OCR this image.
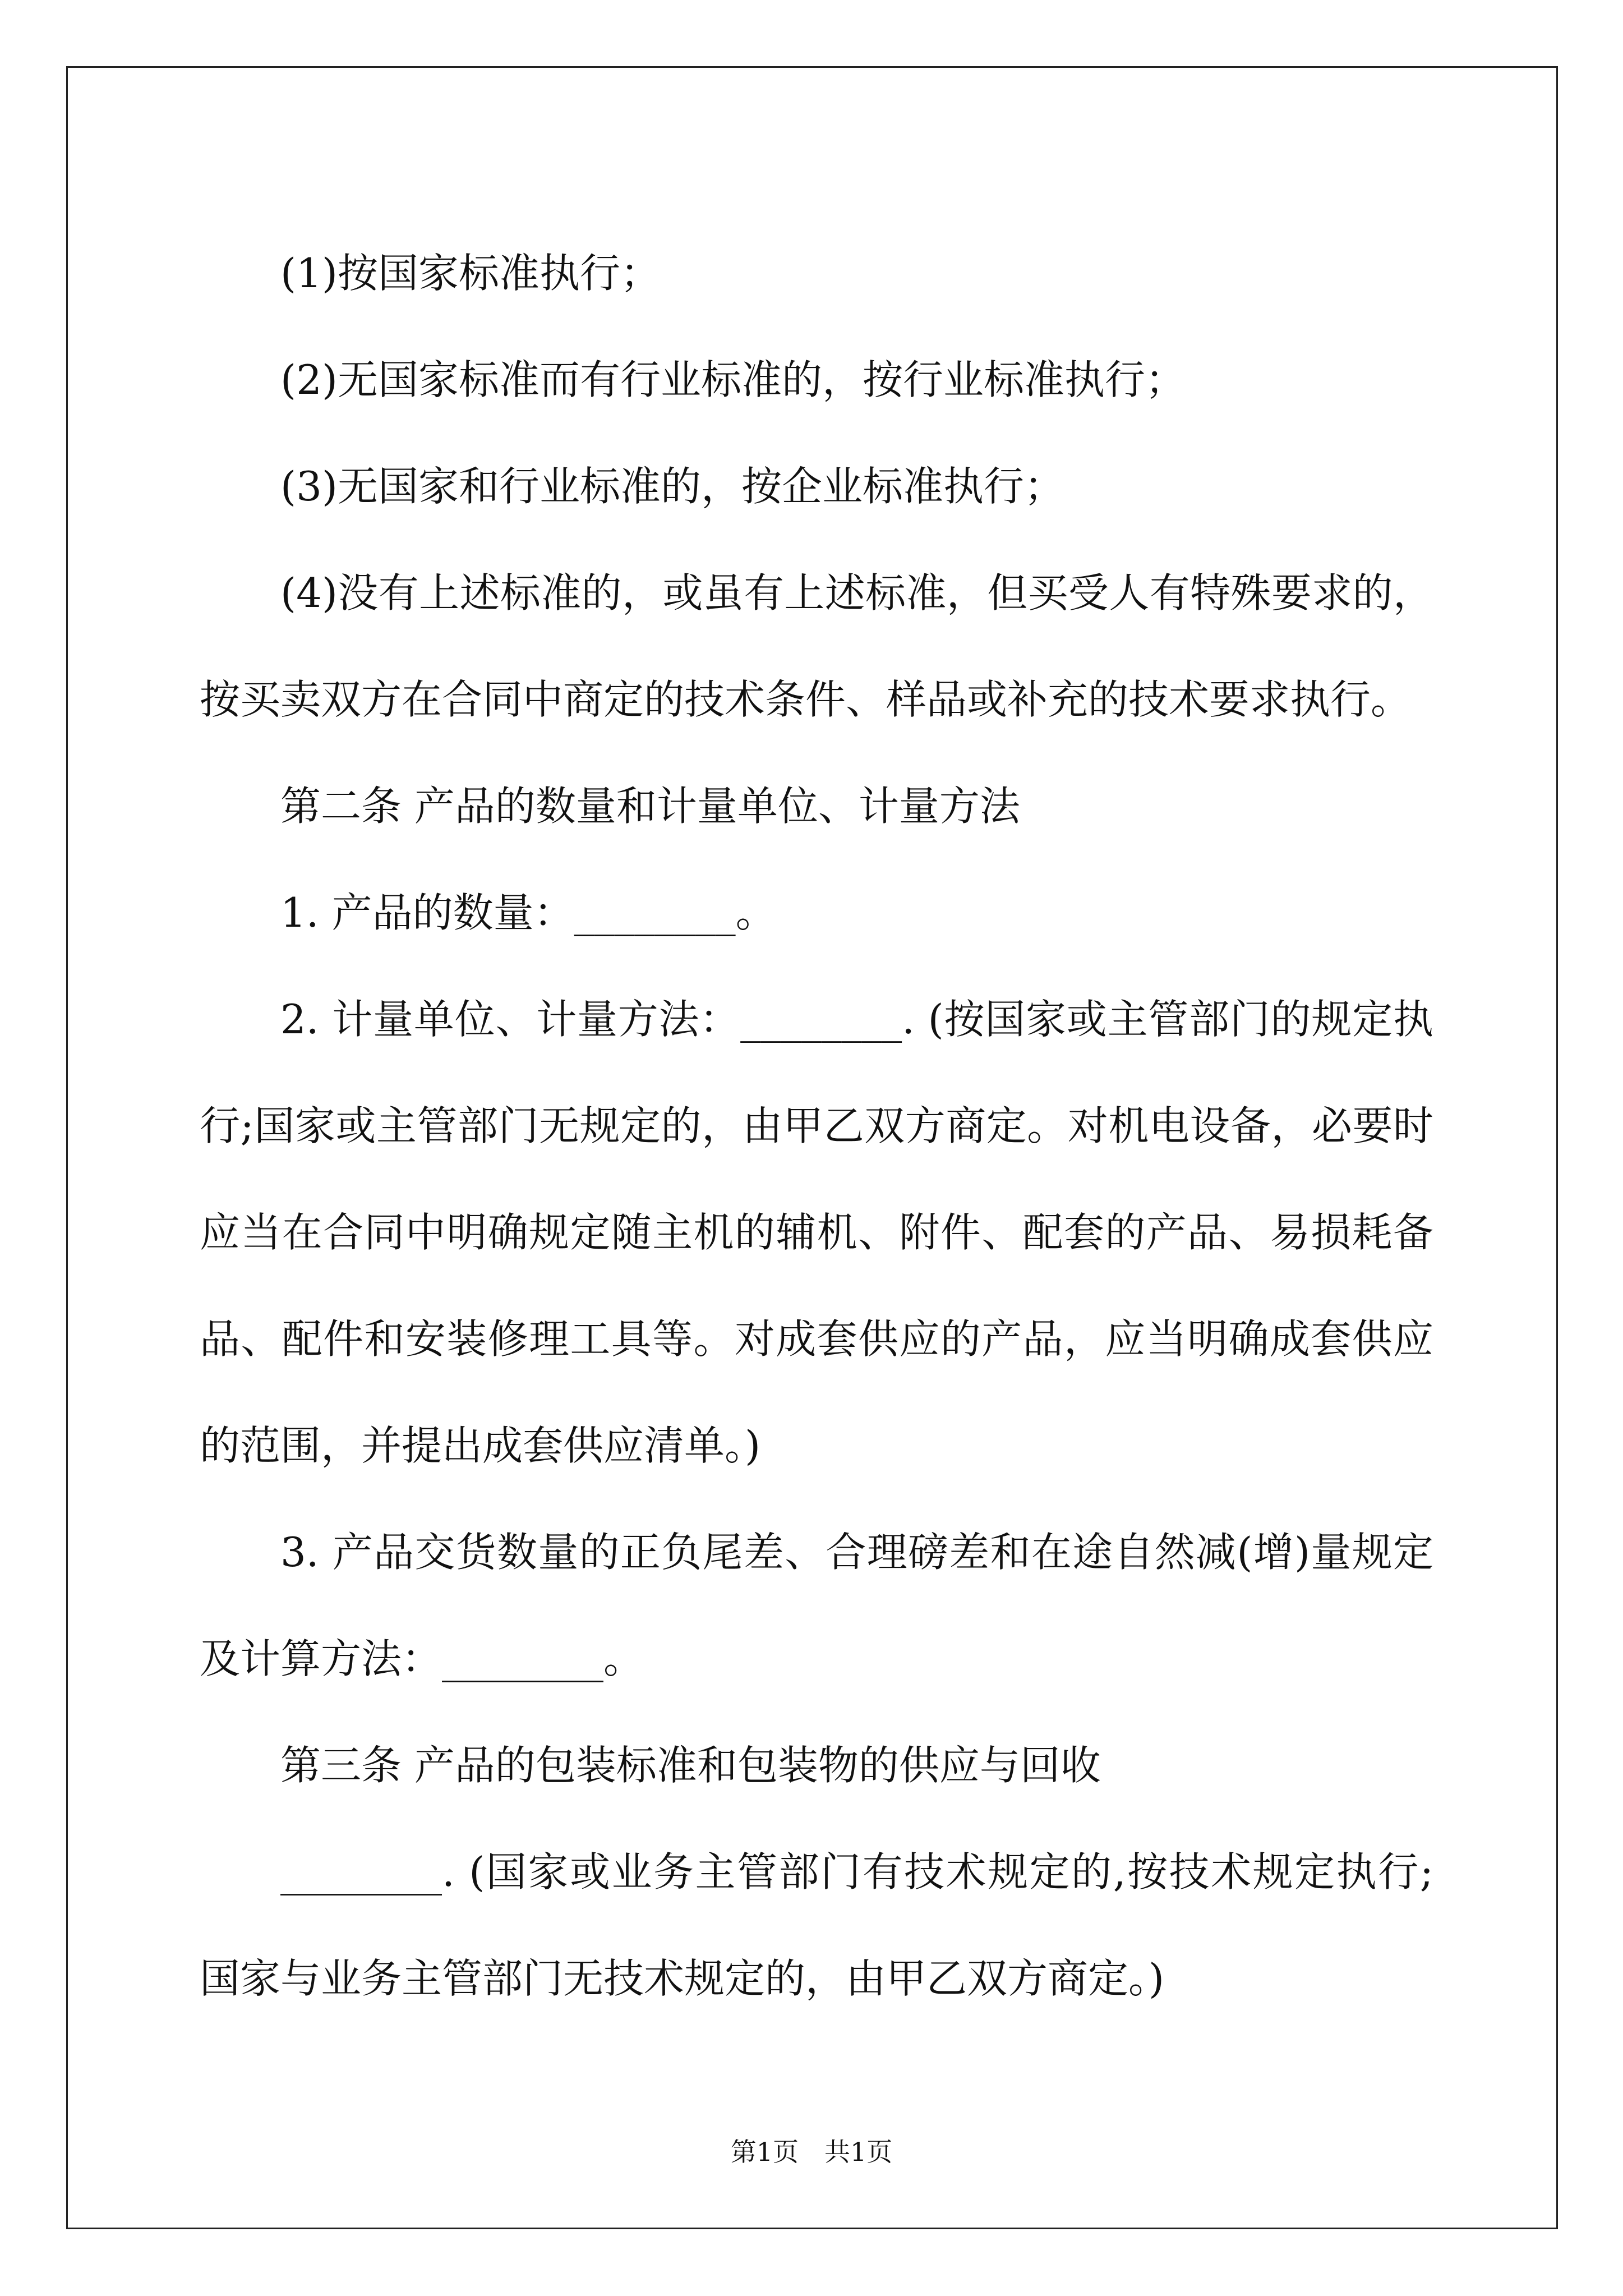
(1)按国家标准执行；

(2)无国家标准而有行业标准的，按行业标准执行；

(3)无国家和行业标准的，按企业标准执行；

(4)没有上述标准的，或虽有上述标准，但买受人有特殊要求的，按买卖双方在合同中商定的技术条件、样品或补充的技术要求执行。

第二条 产品的数量和计量单位、计量方法

1. 产品的数量：________。

2. 计量单位、计量方法：________. (按国家或主管部门的规定执行;国家或主管部门无规定的，由甲乙双方商定。对机电设备，必要时应当在合同中明确规定随主机的辅机、附件、配套的产品、易损耗备品、配件和安装修理工具等。对成套供应的产品，应当明确成套供应的范围，并提出成套供应清单。)

3. 产品交货数量的正负尾差、合理磅差和在途自然减(增)量规定及计算方法：________。

第三条 产品的包装标准和包装物的供应与回收

________. (国家或业务主管部门有技术规定的,按技术规定执行;国家与业务主管部门无技术规定的，由甲乙双方商定。)

第1页　共1页
